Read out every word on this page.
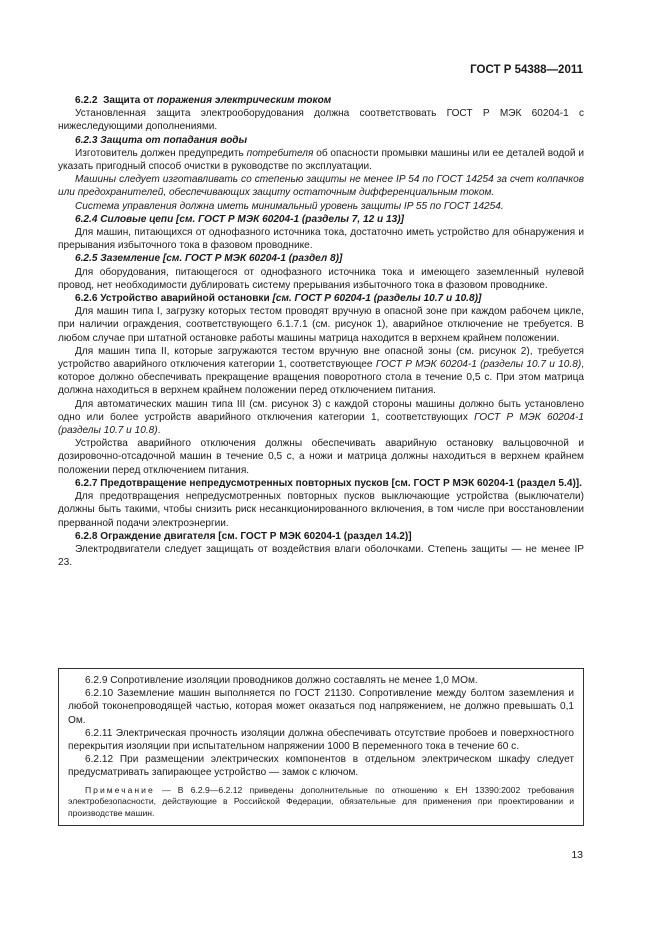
ГОСТ Р 54388—2011

6.2.2 Защита от поражения электрическим током

Установленная защита электрооборудования должна соответствовать ГОСТ Р МЭК 60204-1 с нижеследующими дополнениями.

6.2.3 Защита от попадания воды

Изготовитель должен предупредить потребителя об опасности промывки машины или ее деталей водой и указать пригодный способ очистки в руководстве по эксплуатации.

Машины следует изготавливать со степенью защиты не менее IP 54 по ГОСТ 14254 за счет колпачков или предохранителей, обеспечивающих защиту остаточным дифференциальным током.

Система управления должна иметь минимальный уровень защиты IP 55 по ГОСТ 14254.

6.2.4 Силовые цепи [см. ГОСТ Р МЭК 60204-1 (разделы 7, 12 и 13)]

Для машин, питающихся от однофазного источника тока, достаточно иметь устройство для обнаружения и прерывания избыточного тока в фазовом проводнике.

6.2.5 Заземление [см. ГОСТ Р МЭК 60204-1 (раздел 8)]

Для оборудования, питающегося от однофазного источника тока и имеющего заземленный нулевой провод, нет необходимости дублировать систему прерывания избыточного тока в фазовом проводнике.

6.2.6 Устройство аварийной остановки [см. ГОСТ Р 60204-1 (разделы 10.7 и 10.8)]

Для машин типа I, загрузку которых тестом проводят вручную в опасной зоне при каждом рабочем цикле, при наличии ограждения, соответствующего 6.1.7.1 (см. рисунок 1), аварийное отключение не требуется. В любом случае при штатной остановке работы машины матрица находится в верхнем крайнем положении.

Для машин типа II, которые загружаются тестом вручную вне опасной зоны (см. рисунок 2), требуется устройство аварийного отключения категории 1, соответствующее ГОСТ Р МЭК 60204-1 (разделы 10.7 и 10.8), которое должно обеспечивать прекращение вращения поворотного стола в течение 0,5 с. При этом матрица должна находиться в верхнем крайнем положении перед отключением питания.

Для автоматических машин типа III (см. рисунок 3) с каждой стороны машины должно быть установлено одно или более устройств аварийного отключения категории 1, соответствующих ГОСТ Р МЭК 60204-1 (разделы 10.7 и 10.8).

Устройства аварийного отключения должны обеспечивать аварийную остановку вальцовочной и дозировочно-отсадочной машин в течение 0,5 с, а ножи и матрица должны находиться в верхнем крайнем положении перед отключением питания.

6.2.7 Предотвращение непредусмотренных повторных пусков [см. ГОСТ Р МЭК 60204-1 (раздел 5.4)].

Для предотвращения непредусмотренных повторных пусков выключающие устройства (выключатели) должны быть такими, чтобы снизить риск несанкционированного включения, в том числе при восстановлении прерванной подачи электроэнергии.

6.2.8 Ограждение двигателя [см. ГОСТ Р МЭК 60204-1 (раздел 14.2)]

Электродвигатели следует защищать от воздействия влаги оболочками. Степень защиты — не менее IP 23.

6.2.9 Сопротивление изоляции проводников должно составлять не менее 1,0 МОм.

6.2.10 Заземление машин выполняется по ГОСТ 21130. Сопротивление между болтом заземления и любой токонепроводящей частью, которая может оказаться под напряжением, не должно превышать 0,1 Ом.

6.2.11 Электрическая прочность изоляции должна обеспечивать отсутствие пробоев и поверхностного перекрытия изоляции при испытательном напряжении 1000 В переменного тока в течение 60 с.

6.2.12 При размещении электрических компонентов в отдельном электрическом шкафу следует предусматривать запирающее устройство — замок с ключом.

Примечание — В 6.2.9—6.2.12 приведены дополнительные по отношению к ЕН 13390:2002 требования электробезопасности, действующие в Российской Федерации, обязательные для применения при проектировании и производстве машин.

13
